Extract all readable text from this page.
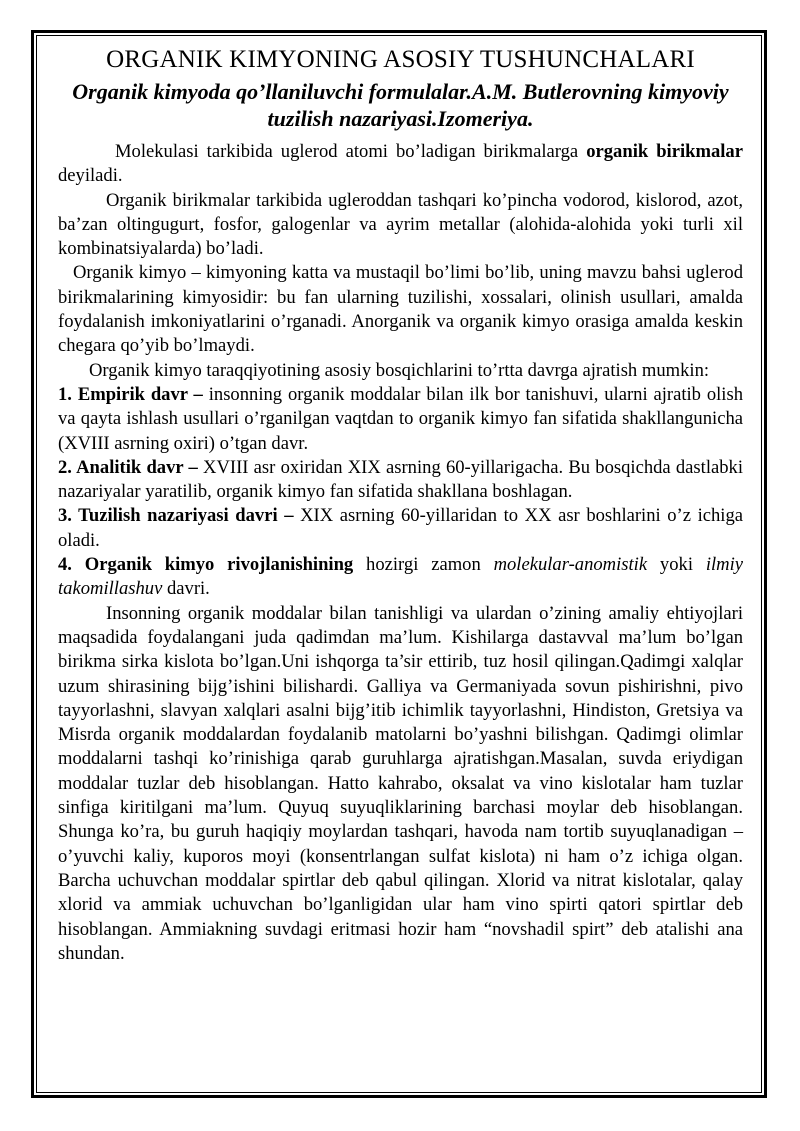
ORGANIK KIMYONING ASOSIY TUSHUNCHALARI
Organik kimyoda qo’llaniluvchi formulalar.A.M. Butlerovning kimyoviy tuzilish nazariyasi.Izomeriya.

Molekulasi tarkibida uglerod atomi bo’ladigan birikmalarga organik birikmalar deyiladi.

Organik birikmalar tarkibida ugleroddan tashqari ko’pincha vodorod, kislorod, azot, ba’zan oltingugurt, fosfor, galogenlar va ayrim metallar (alohida-alohida yoki turli xil kombinatsiyalarda) bo’ladi.

Organik kimyo – kimyoning katta va mustaqil bo’limi bo’lib, uning mavzu bahsi uglerod birikmalarining kimyosidir: bu fan ularning tuzilishi, xossalari, olinish usullari, amalda foydalanish imkoniyatlarini o’rganadi. Anorganik va organik kimyo orasiga amalda keskin chegara qo’yib bo’lmaydi.

Organik kimyo taraqqiyotining asosiy bosqichlarini to’rtta davrga ajratish mumkin:

1. Empirik davr – insonning organik moddalar bilan ilk bor tanishuvi, ularni ajratib olish va qayta ishlash usullari o’rganilgan vaqtdan to organik kimyo fan sifatida shakllangunicha (XVIII asrning oxiri) o’tgan davr.

2. Analitik davr – XVIII asr oxiridan XIX asrning 60-yillarigacha. Bu bosqichda dastlabki nazariyalar yaratilib, organik kimyo fan sifatida shakllana boshlagan.

3. Tuzilish nazariyasi davri – XIX asrning 60-yillaridan to XX asr boshlarini o’z ichiga oladi.

4. Organik kimyo rivojlanishining hozirgi zamon molekular-anomistik yoki ilmiy takomillashuv davri.

Insonning organik moddalar bilan tanishligi va ulardan o’zining amaliy ehtiyojlari maqsadida foydalangani juda qadimdan ma’lum. Kishilarga dastavval ma’lum bo’lgan birikma sirka kislota bo’lgan.Uni ishqorga ta’sir ettirib, tuz hosil qilingan.Qadimgi xalqlar uzum shirasining bijg’ishini bilishardi. Galliya va Germaniyada sovun pishirishni, pivo tayyorlashni, slavyan xalqlari asalni bijg’itib ichimlik tayyorlashni, Hindiston, Gretsiya va Misrda organik moddalardan foydalanib matolarni bo’yashni bilishgan. Qadimgi olimlar moddalarni tashqi ko’rinishiga qarab guruhlarga ajratishgan.Masalan, suvda eriydigan moddalar tuzlar deb hisoblangan. Hatto kahrabo, oksalat va vino kislotalar ham tuzlar sinfiga kiritilgani ma’lum. Quyuq suyuqliklarining barchasi moylar deb hisoblangan. Shunga ko’ra, bu guruh haqiqiy moylardan tashqari, havoda nam tortib suyuqlanadigan – o’yuvchi kaliy, kuporos moyi (konsentrlangan sulfat kislota) ni ham o’z ichiga olgan. Barcha uchuvchan moddalar spirtlar deb qabul qilingan. Xlorid va nitrat kislotalar, qalay xlorid va ammiak uchuvchan bo’lganligidan ular ham vino spirti qatori spirtlar deb hisoblangan. Ammiakning suvdagi eritmasi hozir ham “novshadil spirt” deb atalishi ana shundan.
